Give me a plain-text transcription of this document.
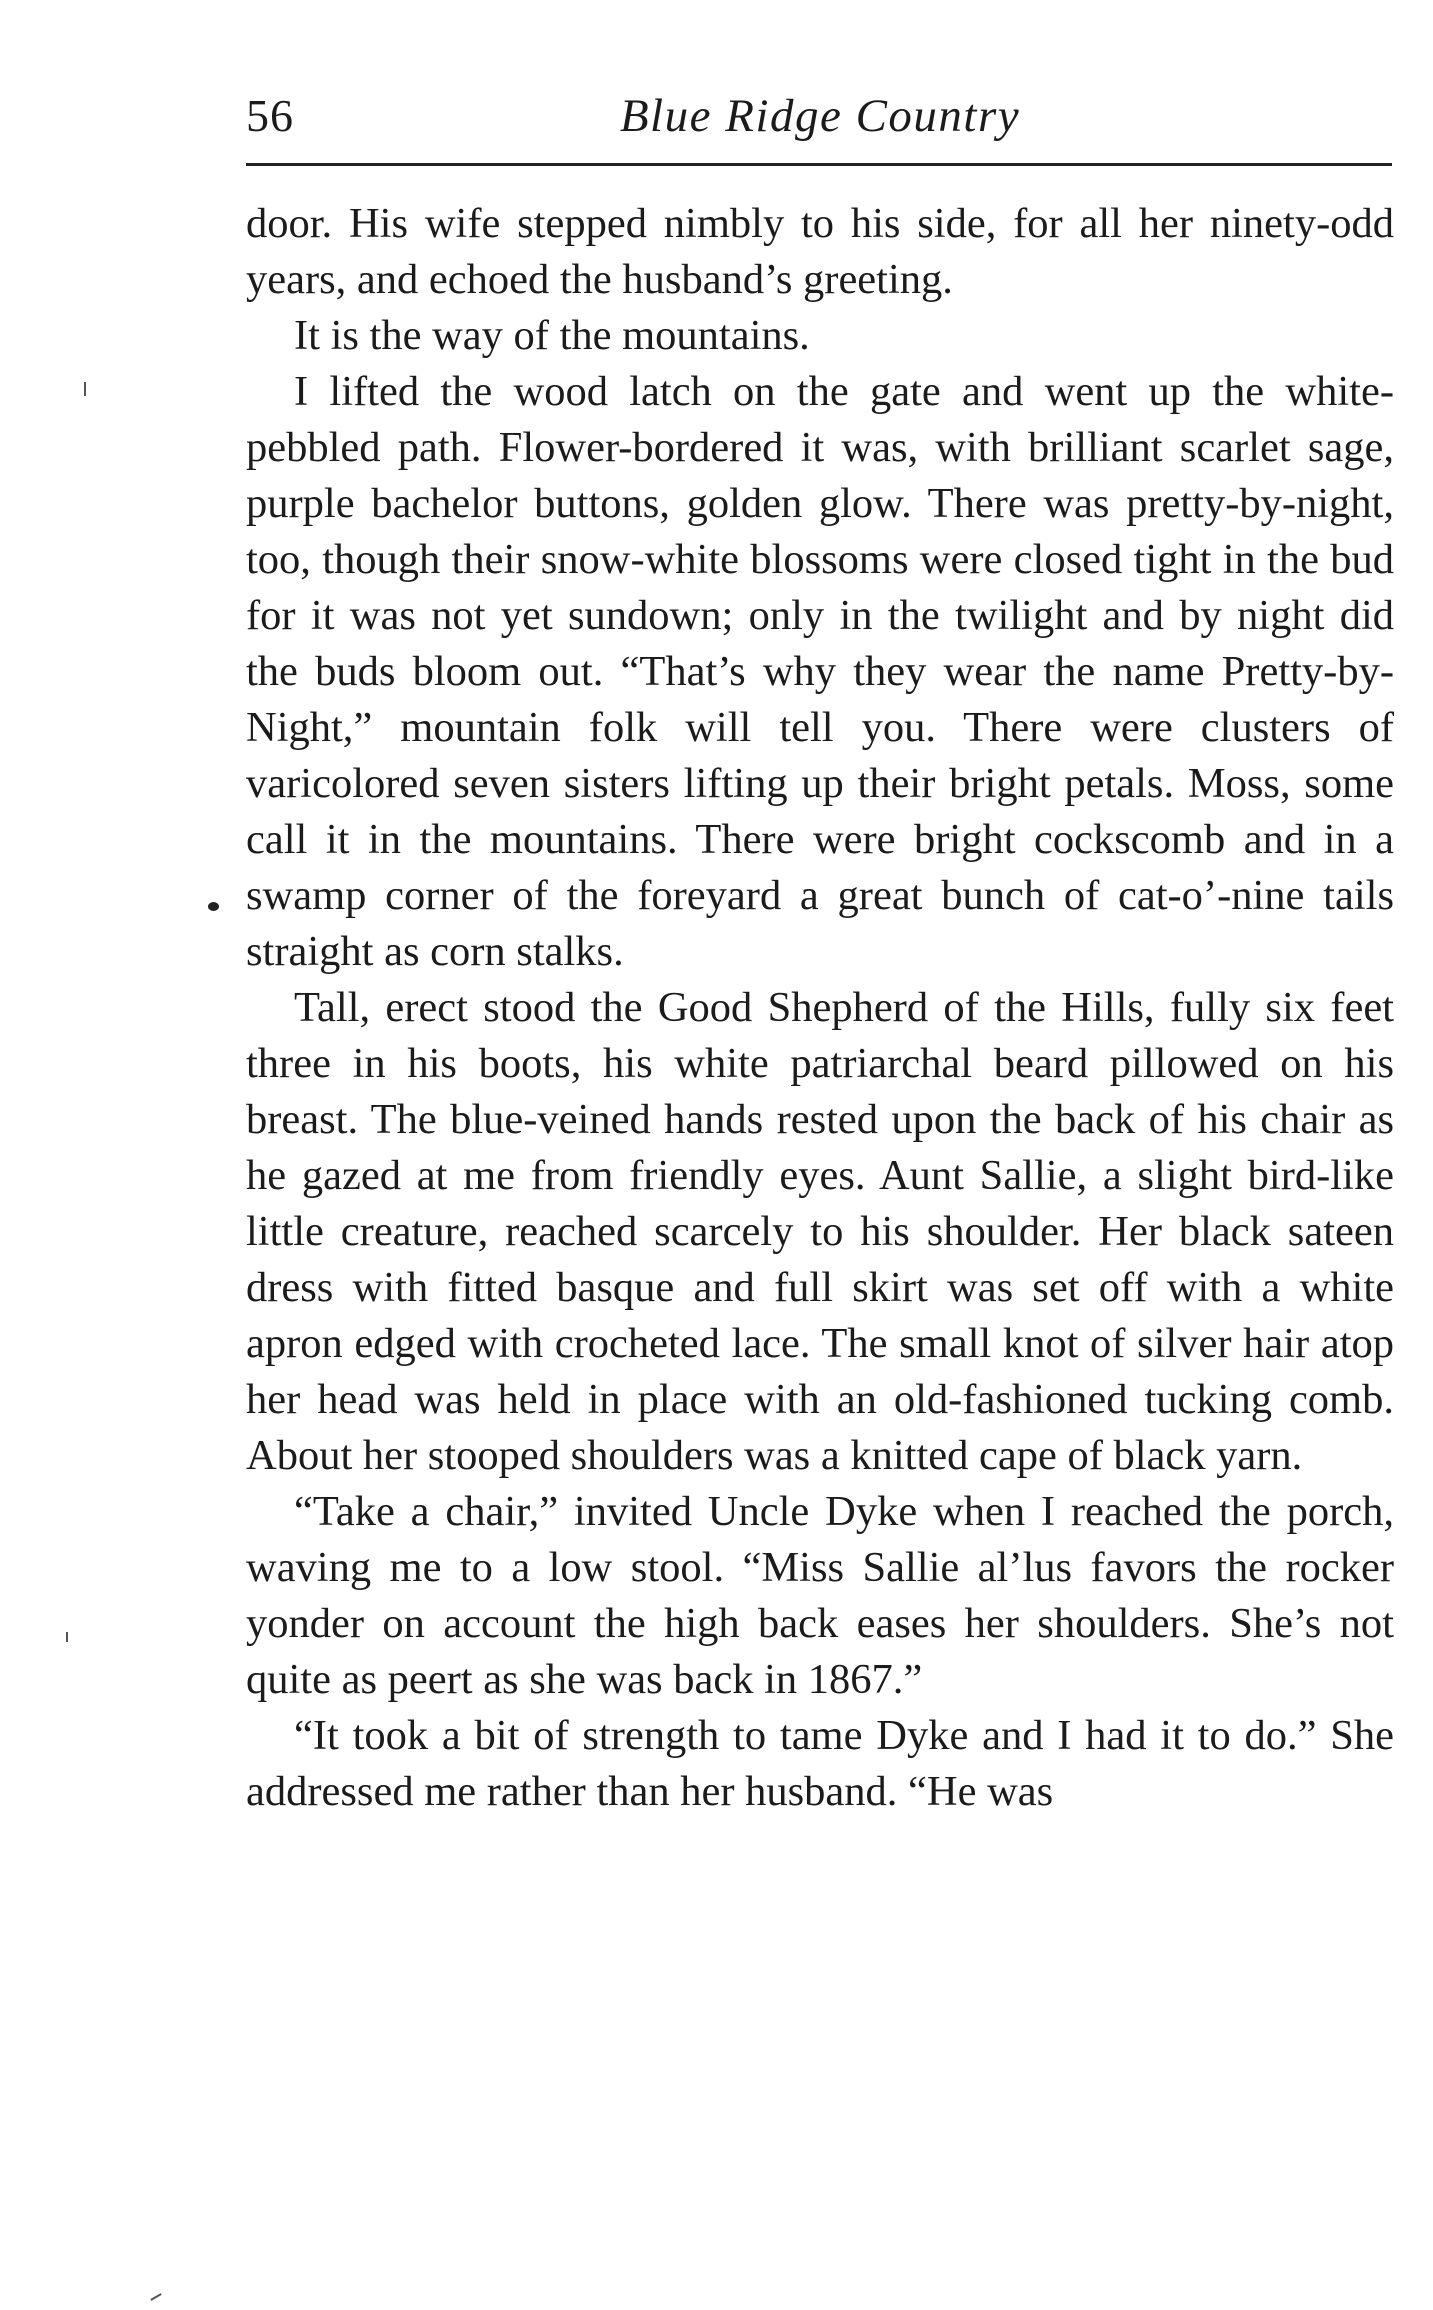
56	Blue Ridge Country

door. His wife stepped nimbly to his side, for all her ninety-odd years, and echoed the husband’s greeting.

It is the way of the mountains.

I lifted the wood latch on the gate and went up the white-pebbled path. Flower-bordered it was, with brilliant scarlet sage, purple bachelor buttons, golden glow. There was pretty-by-night, too, though their snow-white blossoms were closed tight in the bud for it was not yet sundown; only in the twilight and by night did the buds bloom out. “That’s why they wear the name Pretty-by-Night,” mountain folk will tell you. There were clusters of varicolored seven sisters lifting up their bright petals. Moss, some call it in the mountains. There were bright cockscomb and in a swamp corner of the foreyard a great bunch of cat-o’-nine tails straight as corn stalks.

Tall, erect stood the Good Shepherd of the Hills, fully six feet three in his boots, his white patriarchal beard pillowed on his breast. The blue-veined hands rested upon the back of his chair as he gazed at me from friendly eyes. Aunt Sallie, a slight bird-like little creature, reached scarcely to his shoulder. Her black sateen dress with fitted basque and full skirt was set off with a white apron edged with crocheted lace. The small knot of silver hair atop her head was held in place with an old-fashioned tucking comb. About her stooped shoulders was a knitted cape of black yarn.

“Take a chair,” invited Uncle Dyke when I reached the porch, waving me to a low stool. “Miss Sallie al’lus favors the rocker yonder on account the high back eases her shoulders. She’s not quite as peert as she was back in 1867.”

“It took a bit of strength to tame Dyke and I had it to do.” She addressed me rather than her husband. “He was
